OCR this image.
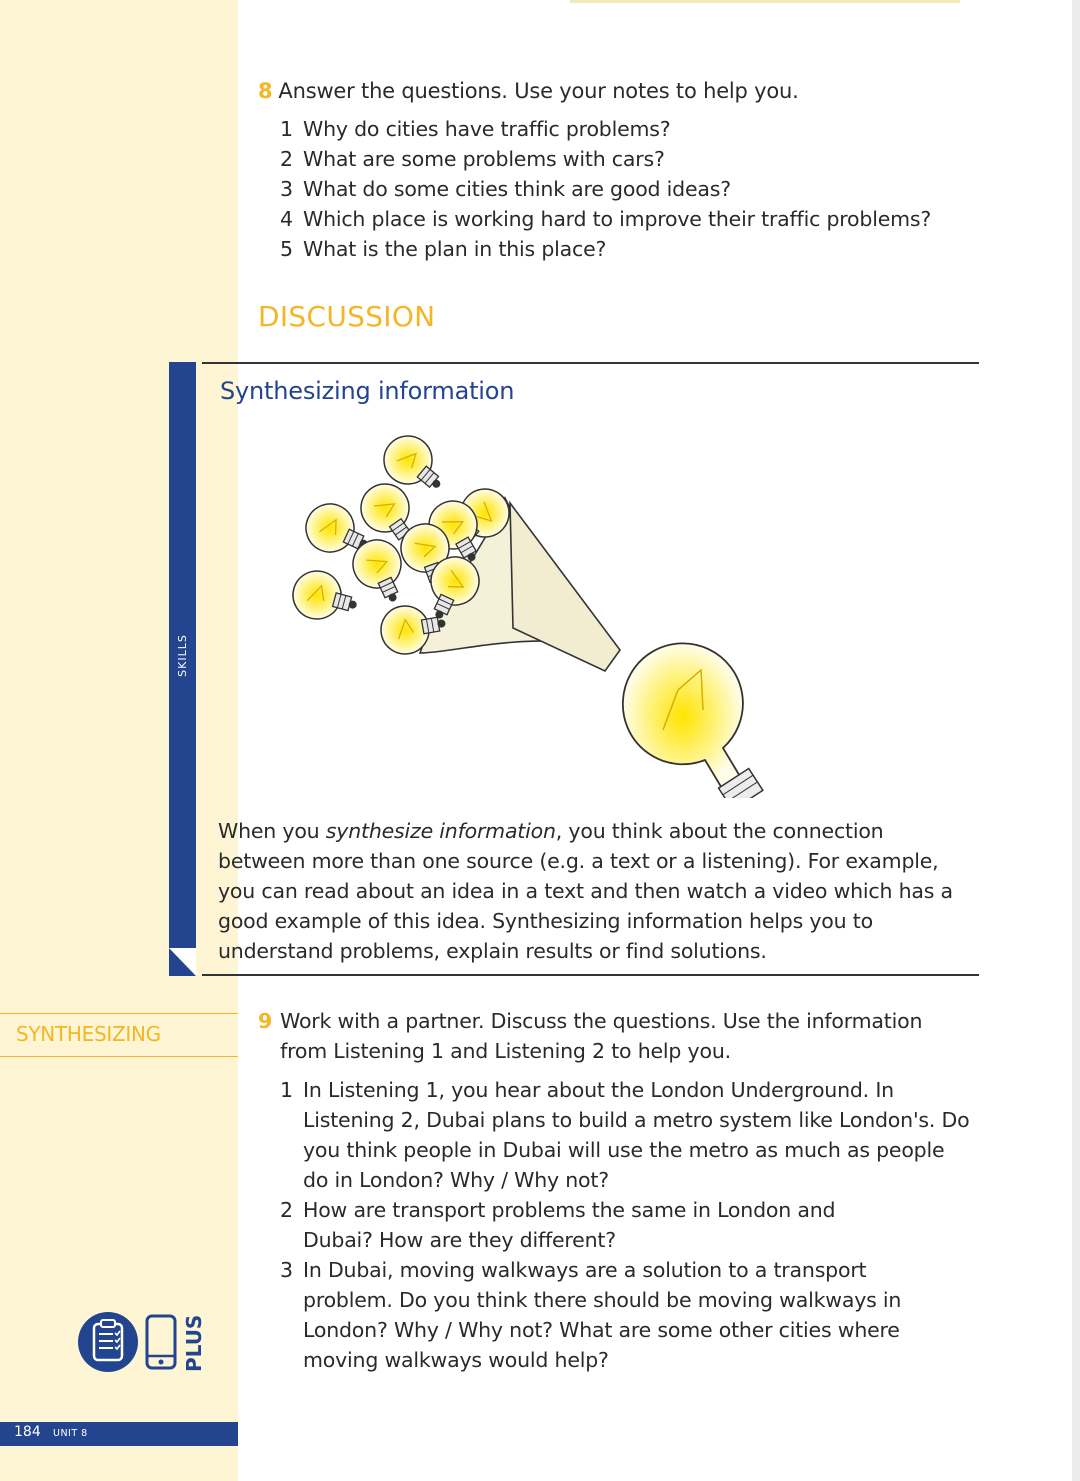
8 Answer the questions. Use your notes to help you.
1 Why do cities have traffic problems?
2 What are some problems with cars?
3 What do some cities think are good ideas?
4 Which place is working hard to improve their traffic problems?
5 What is the plan in this place?
DISCUSSION
SKILLS
Synthesizing information
When you synthesize information, you think about the connection between more than one source (e.g. a text or a listening). For example, you can read about an idea in a text and then watch a video which has a good example of this idea. Synthesizing information helps you to understand problems, explain results or find solutions.
SYNTHESIZING
9 Work with a partner. Discuss the questions. Use the information from Listening 1 and Listening 2 to help you.
1 In Listening 1, you hear about the London Underground. In Listening 2, Dubai plans to build a metro system like London's. Do you think people in Dubai will use the metro as much as people do in London? Why / Why not?
2 How are transport problems the same in London and Dubai? How are they different?
3 In Dubai, moving walkways are a solution to a transport problem. Do you think there should be moving walkways in London? Why / Why not? What are some other cities where moving walkways would help?
PLUS
184 UNIT 8
